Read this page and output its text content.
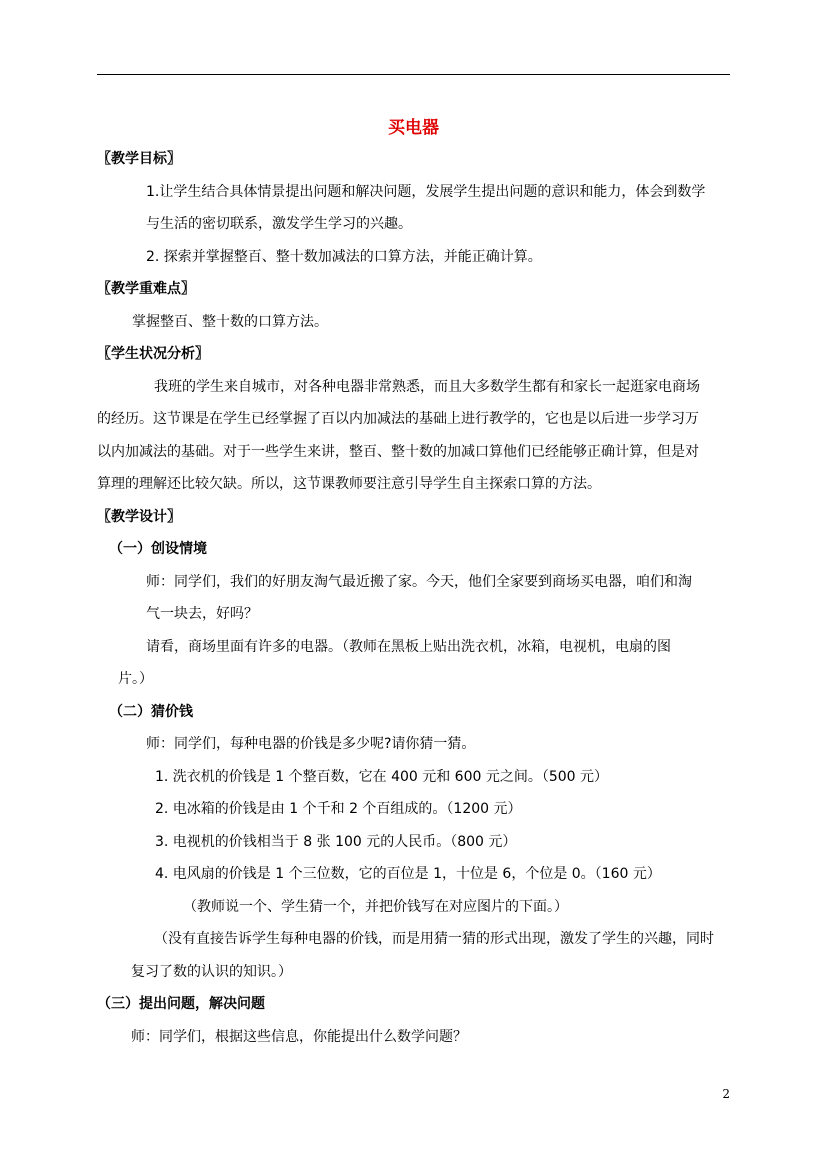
买电器
〖教学目标〗
1.让学生结合具体情景提出问题和解决问题，发展学生提出问题的意识和能力，体会到数学
与生活的密切联系，激发学生学习的兴趣。
2. 探索并掌握整百、整十数加减法的口算方法，并能正确计算。
〖教学重难点〗
掌握整百、整十数的口算方法。
〖学生状况分析〗
我班的学生来自城市，对各种电器非常熟悉，而且大多数学生都有和家长一起逛家电商场
的经历。这节课是在学生已经掌握了百以内加减法的基础上进行教学的，它也是以后进一步学习万
以内加减法的基础。对于一些学生来讲，整百、整十数的加减口算他们已经能够正确计算，但是对
算理的理解还比较欠缺。所以，这节课教师要注意引导学生自主探索口算的方法。
〖教学设计〗
（一）创设情境
师：同学们，我们的好朋友淘气最近搬了家。今天，他们全家要到商场买电器，咱们和淘
气一块去，好吗？
请看，商场里面有许多的电器。（教师在黑板上贴出洗衣机，冰箱，电视机，电扇的图
片。）
（二）猜价钱
师：同学们，每种电器的价钱是多少呢?请你猜一猜。
1. 洗衣机的价钱是 1 个整百数，它在 400 元和 600 元之间。（500 元）
2. 电冰箱的价钱是由 1 个千和 2 个百组成的。（1200 元）
3. 电视机的价钱相当于 8 张 100 元的人民币。（800 元）
4. 电风扇的价钱是 1 个三位数，它的百位是 1，十位是 6，个位是 0。（160 元）
（教师说一个、学生猜一个，并把价钱写在对应图片的下面。）
（没有直接告诉学生每种电器的价钱，而是用猜一猜的形式出现，激发了学生的兴趣，同时
复习了数的认识的知识。）
（三）提出问题，解决问题
师：同学们，根据这些信息，你能提出什么数学问题？
2
